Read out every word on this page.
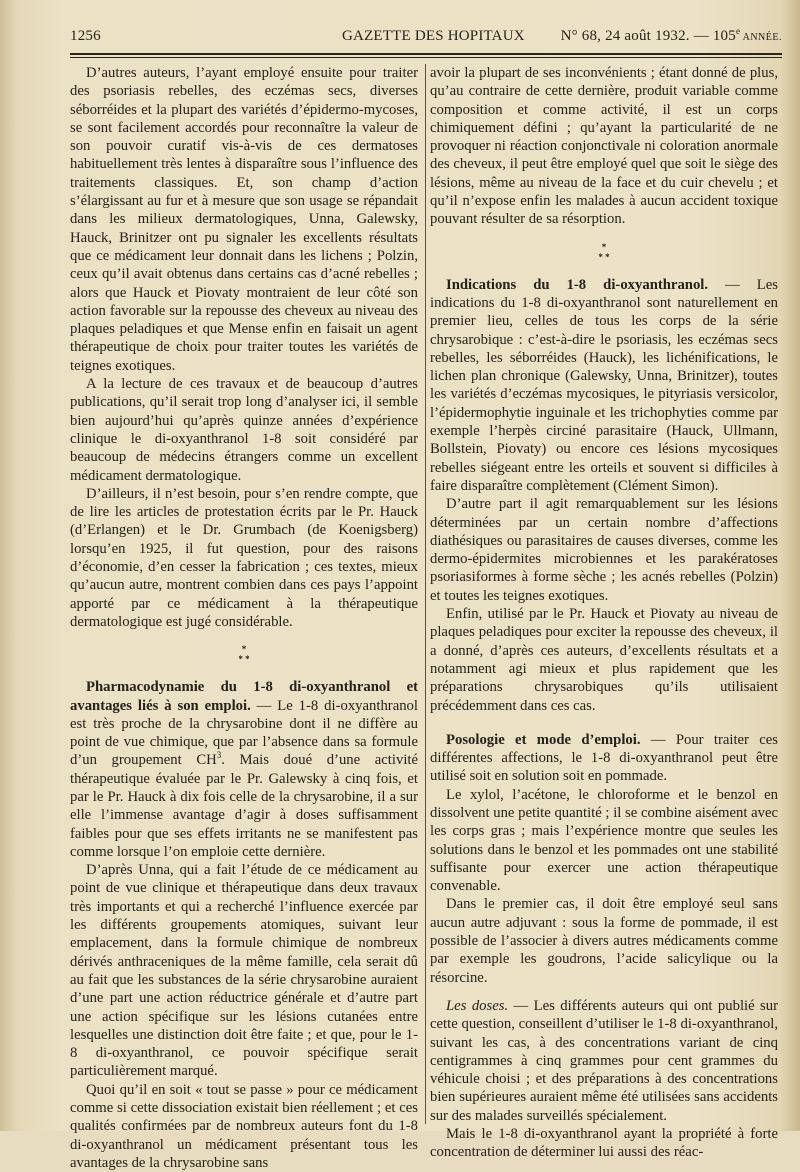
1256	GAZETTE DES HOPITAUX N° 68, 24 août 1932. — 105e ANNÉE.

D’autres auteurs, l’ayant employé ensuite pour traiter des psoriasis rebelles, des eczémas secs, diverses séborréides et la plupart des variétés d’épidermo-mycoses, se sont facilement accordés pour reconnaître la valeur de son pouvoir curatif vis-à-vis de ces dermatoses habituellement très lentes à disparaître sous l’influence des traitements classiques. Et, son champ d’action s’élargissant au fur et à mesure que son usage se répandait dans les milieux dermatologiques, Unna, Galewsky, Hauck, Brinitzer ont pu signaler les excellents résultats que ce médicament leur donnait dans les lichens ; Polzin, ceux qu’il avait obtenus dans certains cas d’acné rebelles ; alors que Hauck et Piovaty montraient de leur côté son action favorable sur la repousse des cheveux au niveau des plaques peladiques et que Mense enfin en faisait un agent thérapeutique de choix pour traiter toutes les variétés de teignes exotiques.

A la lecture de ces travaux et de beaucoup d’autres publications, qu’il serait trop long d’analyser ici, il semble bien aujourd’hui qu’après quinze années d’expérience clinique le di-oxyanthranol 1-8 soit considéré par beaucoup de médecins étrangers comme un excellent médicament dermatologique.

D’ailleurs, il n’est besoin, pour s’en rendre compte, que de lire les articles de protestation écrits par le Pr. Hauck (d’Erlangen) et le Dr. Grumbach (de Koenigsberg) lorsqu’en 1925, il fut question, pour des raisons d’économie, d’en cesser la fabrication ; ces textes, mieux qu’aucun autre, montrent combien dans ces pays l’appoint apporté par ce médicament à la thérapeutique dermatologique est jugé considérable.

*
* *

Pharmacodynamie du 1-8 di-oxyanthranol et avantages liés à son emploi. — Le 1-8 di-oxyanthranol est très proche de la chrysarobine dont il ne diffère au point de vue chimique, que par l’absence dans sa formule d’un groupement $CH^3$. Mais doué d’une activité thérapeutique évaluée par le Pr. Galewsky à cinq fois, et par le Pr. Hauck à dix fois celle de la chrysarobine, il a sur elle l’immense avantage d’agir à doses suffisamment faibles pour que ses effets irritants ne se manifestent pas comme lorsque l’on emploie cette dernière.

D’après Unna, qui a fait l’étude de ce médicament au point de vue clinique et thérapeutique dans deux travaux très importants et qui a recherché l’influence exercée par les différents groupements atomiques, suivant leur emplacement, dans la formule chimique de nombreux dérivés anthraceniques de la même famille, cela serait dû au fait que les substances de la série chrysarobine auraient d’une part une action réductrice générale et d’autre part une action spécifique sur les lésions cutanées entre lesquelles une distinction doit être faite ; et que, pour le 1-8 di-oxyanthranol, ce pouvoir spécifique serait particulièrement marqué.

Quoi qu’il en soit « tout se passe » pour ce médicament comme si cette dissociation existait bien réellement ; et ces qualités confirmées par de nombreux auteurs font du 1-8 di-oxyanthranol un médicament présentant tous les avantages de la chrysarobine sans

avoir la plupart de ses inconvénients ; étant donné de plus, qu’au contraire de cette dernière, produit variable comme composition et comme activité, il est un corps chimiquement défini ; qu’ayant la particularité de ne provoquer ni réaction conjonctivale ni coloration anormale des cheveux, il peut être employé quel que soit le siège des lésions, même au niveau de la face et du cuir chevelu ; et qu’il n’expose enfin les malades à aucun accident toxique pouvant résulter de sa résorption.

*
* *

Indications du 1-8 di-oxyanthranol. — Les indications du 1-8 di-oxyanthranol sont naturellement en premier lieu, celles de tous les corps de la série chrysarobique : c’est-à-dire le psoriasis, les eczémas secs rebelles, les séborréides (Hauck), les lichénifications, le lichen plan chronique (Galewsky, Unna, Brinitzer), toutes les variétés d’eczémas mycosiques, le pityriasis versicolor, l’épidermophytie inguinale et les trichophyties comme par exemple l’herpès circiné parasitaire (Hauck, Ullmann, Bollstein, Piovaty) ou encore ces lésions mycosiques rebelles siégeant entre les orteils et souvent si difficiles à faire disparaître complètement (Clément Simon).

D’autre part il agit remarquablement sur les lésions déterminées par un certain nombre d’affections diathésiques ou parasitaires de causes diverses, comme les dermo-épidermites microbiennes et les parakératoses psoriasiformes à forme sèche ; les acnés rebelles (Polzin) et toutes les teignes exotiques.

Enfin, utilisé par le Pr. Hauck et Piovaty au niveau de plaques peladiques pour exciter la repousse des cheveux, il a donné, d’après ces auteurs, d’excellents résultats et a notamment agi mieux et plus rapidement que les préparations chrysarobiques qu’ils utilisaient précédemment dans ces cas.

Posologie et mode d’emploi. — Pour traiter ces différentes affections, le 1-8 di-oxyanthranol peut être utilisé soit en solution soit en pommade.

Le xylol, l’acétone, le chloroforme et le benzol en dissolvent une petite quantité ; il se combine aisément avec les corps gras ; mais l’expérience montre que seules les solutions dans le benzol et les pommades ont une stabilité suffisante pour exercer une action thérapeutique convenable.

Dans le premier cas, il doit être employé seul sans aucun autre adjuvant : sous la forme de pommade, il est possible de l’associer à divers autres médicaments comme par exemple les goudrons, l’acide salicylique ou la résorcine.

Les doses. — Les différents auteurs qui ont publié sur cette question, conseillent d’utiliser le 1-8 di-oxyanthranol, suivant les cas, à des concentrations variant de cinq centigrammes à cinq grammes pour cent grammes du véhicule choisi ; et des préparations à des concentrations bien supérieures auraient même été utilisées sans accidents sur des malades surveillés spécialement.

Mais le 1-8 di-oxyanthranol ayant la propriété à forte concentration de déterminer lui aussi des réac-
